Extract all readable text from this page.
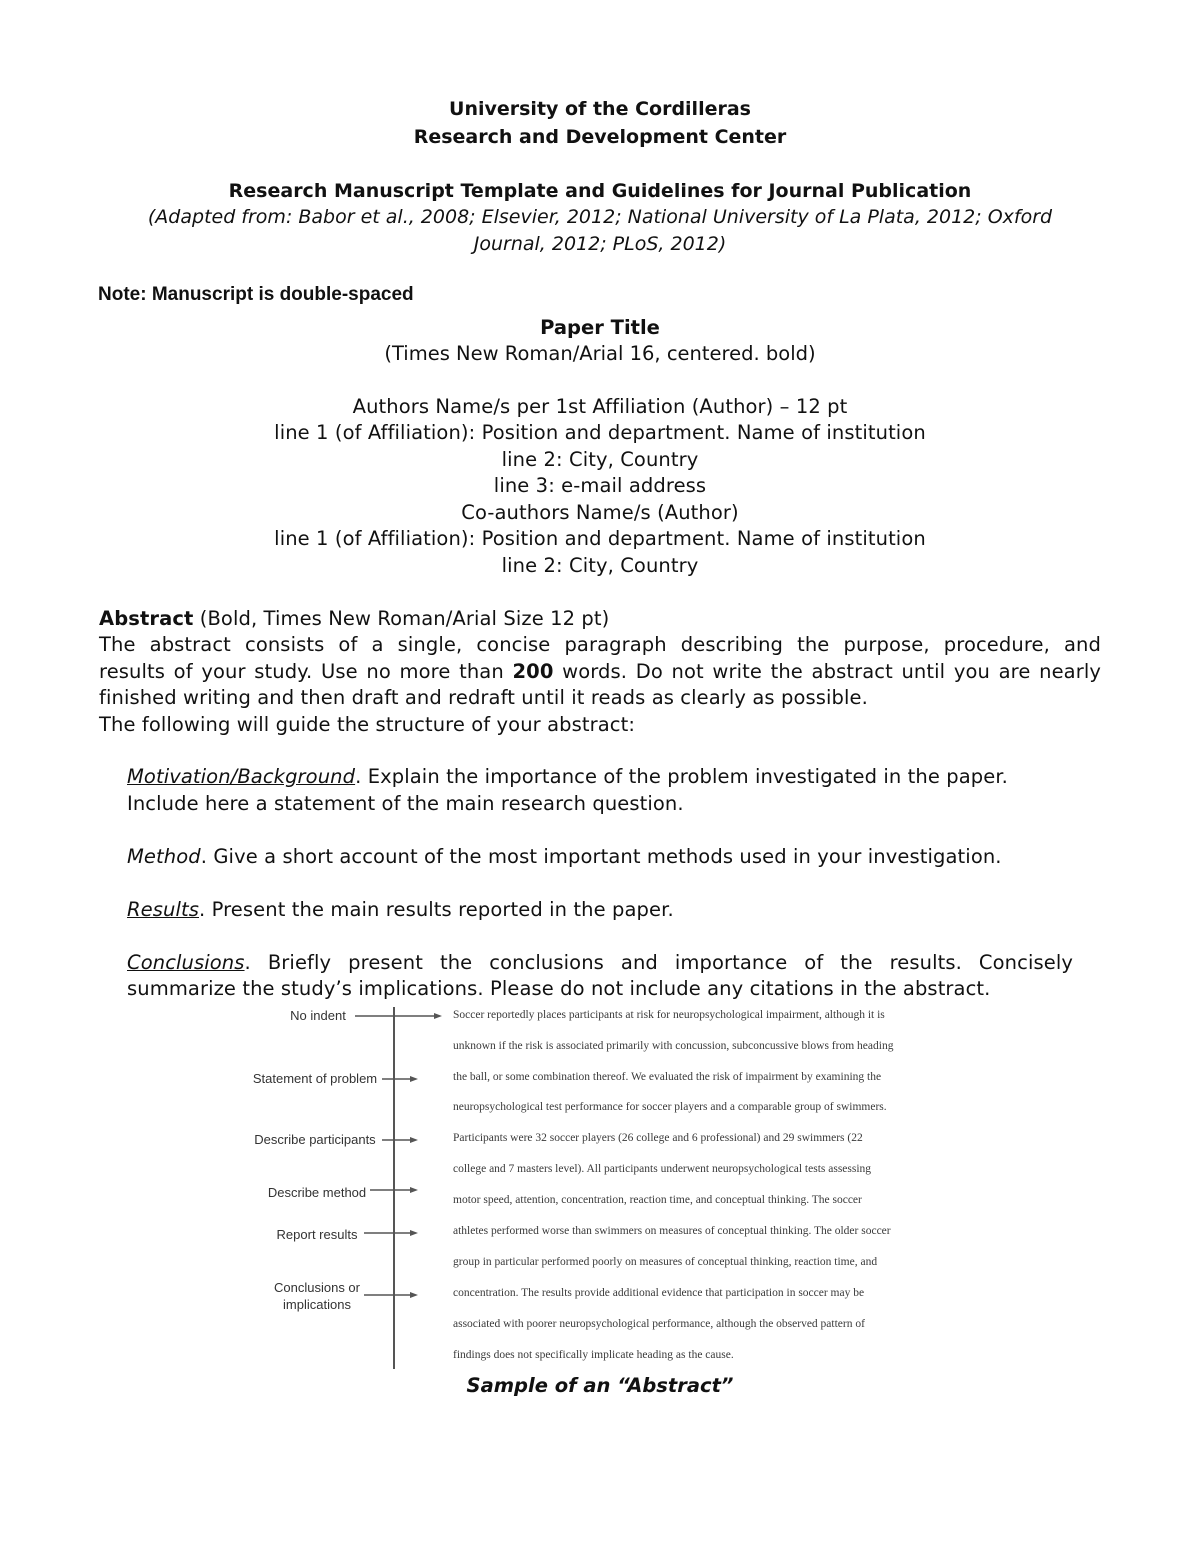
University of the Cordilleras
Research and Development Center
Research Manuscript Template and Guidelines for Journal Publication
(Adapted from: Babor et al., 2008; Elsevier, 2012; National University of La Plata, 2012; Oxford
Journal, 2012; PLoS, 2012)
Note: Manuscript is double-spaced
Paper Title
(Times New Roman/Arial 16, centered. bold)
Authors Name/s per 1st Affiliation (Author) – 12 pt
line 1 (of Affiliation): Position and department. Name of institution
line 2: City, Country
line 3: e-mail address
Co-authors Name/s (Author)
line 1 (of Affiliation): Position and department. Name of institution
line 2: City, Country
Abstract (Bold, Times New Roman/Arial Size 12 pt)
The abstract consists of a single, concise paragraph describing the purpose, procedure, and
results of your study. Use no more than 200 words. Do not write the abstract until you are nearly
finished writing and then draft and redraft until it reads as clearly as possible.
The following will guide the structure of your abstract:
Motivation/Background. Explain the importance of the problem investigated in the paper.
Include here a statement of the main research question.
Method. Give a short account of the most important methods used in your investigation.
Results. Present the main results reported in the paper.
Conclusions. Briefly present the conclusions and importance of the results. Concisely
summarize the study’s implications. Please do not include any citations in the abstract.
No indent
Statement of problem
Describe participants
Describe method
Report results
Conclusions or
implications
Soccer reportedly places participants at risk for neuropsychological impairment, although it is
unknown if the risk is associated primarily with concussion, subconcussive blows from heading
the ball, or some combination thereof. We evaluated the risk of impairment by examining the
neuropsychological test performance for soccer players and a comparable group of swimmers.
Participants were 32 soccer players (26 college and 6 professional) and 29 swimmers (22
college and 7 masters level). All participants underwent neuropsychological tests assessing
motor speed, attention, concentration, reaction time, and conceptual thinking. The soccer
athletes performed worse than swimmers on measures of conceptual thinking. The older soccer
group in particular performed poorly on measures of conceptual thinking, reaction time, and
concentration. The results provide additional evidence that participation in soccer may be
associated with poorer neuropsychological performance, although the observed pattern of
findings does not specifically implicate heading as the cause.
Sample of an “Abstract”
